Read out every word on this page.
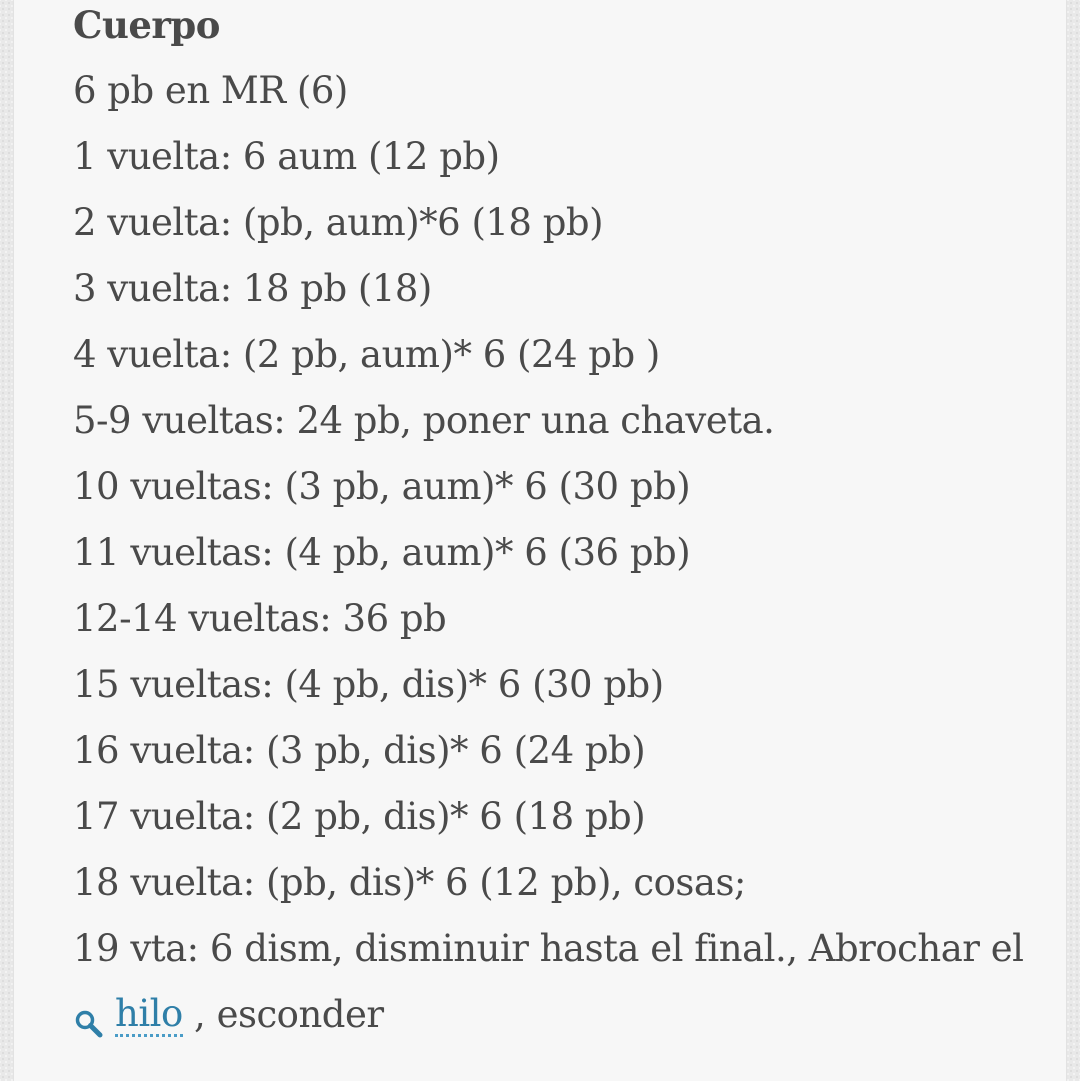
Cuerpo
6 pb en MR (6)
1 vuelta: 6 aum (12 pb)
2 vuelta: (pb, aum)*6 (18 pb)
3 vuelta: 18 pb (18)
4 vuelta: (2 pb, aum)* 6 (24 pb )
5-9 vueltas: 24 pb, poner una chaveta.
10 vueltas: (3 pb, aum)* 6 (30 pb)
11 vueltas: (4 pb, aum)* 6 (36 pb)
12-14 vueltas: 36 pb
15 vueltas: (4 pb, dis)* 6 (30 pb)
16 vuelta: (3 pb, dis)* 6 (24 pb)
17 vuelta: (2 pb, dis)* 6 (18 pb)
18 vuelta: (pb, dis)* 6 (12 pb), cosas;
19 vta: 6 dism, disminuir hasta el final., Abrochar el
hilo , esconder
